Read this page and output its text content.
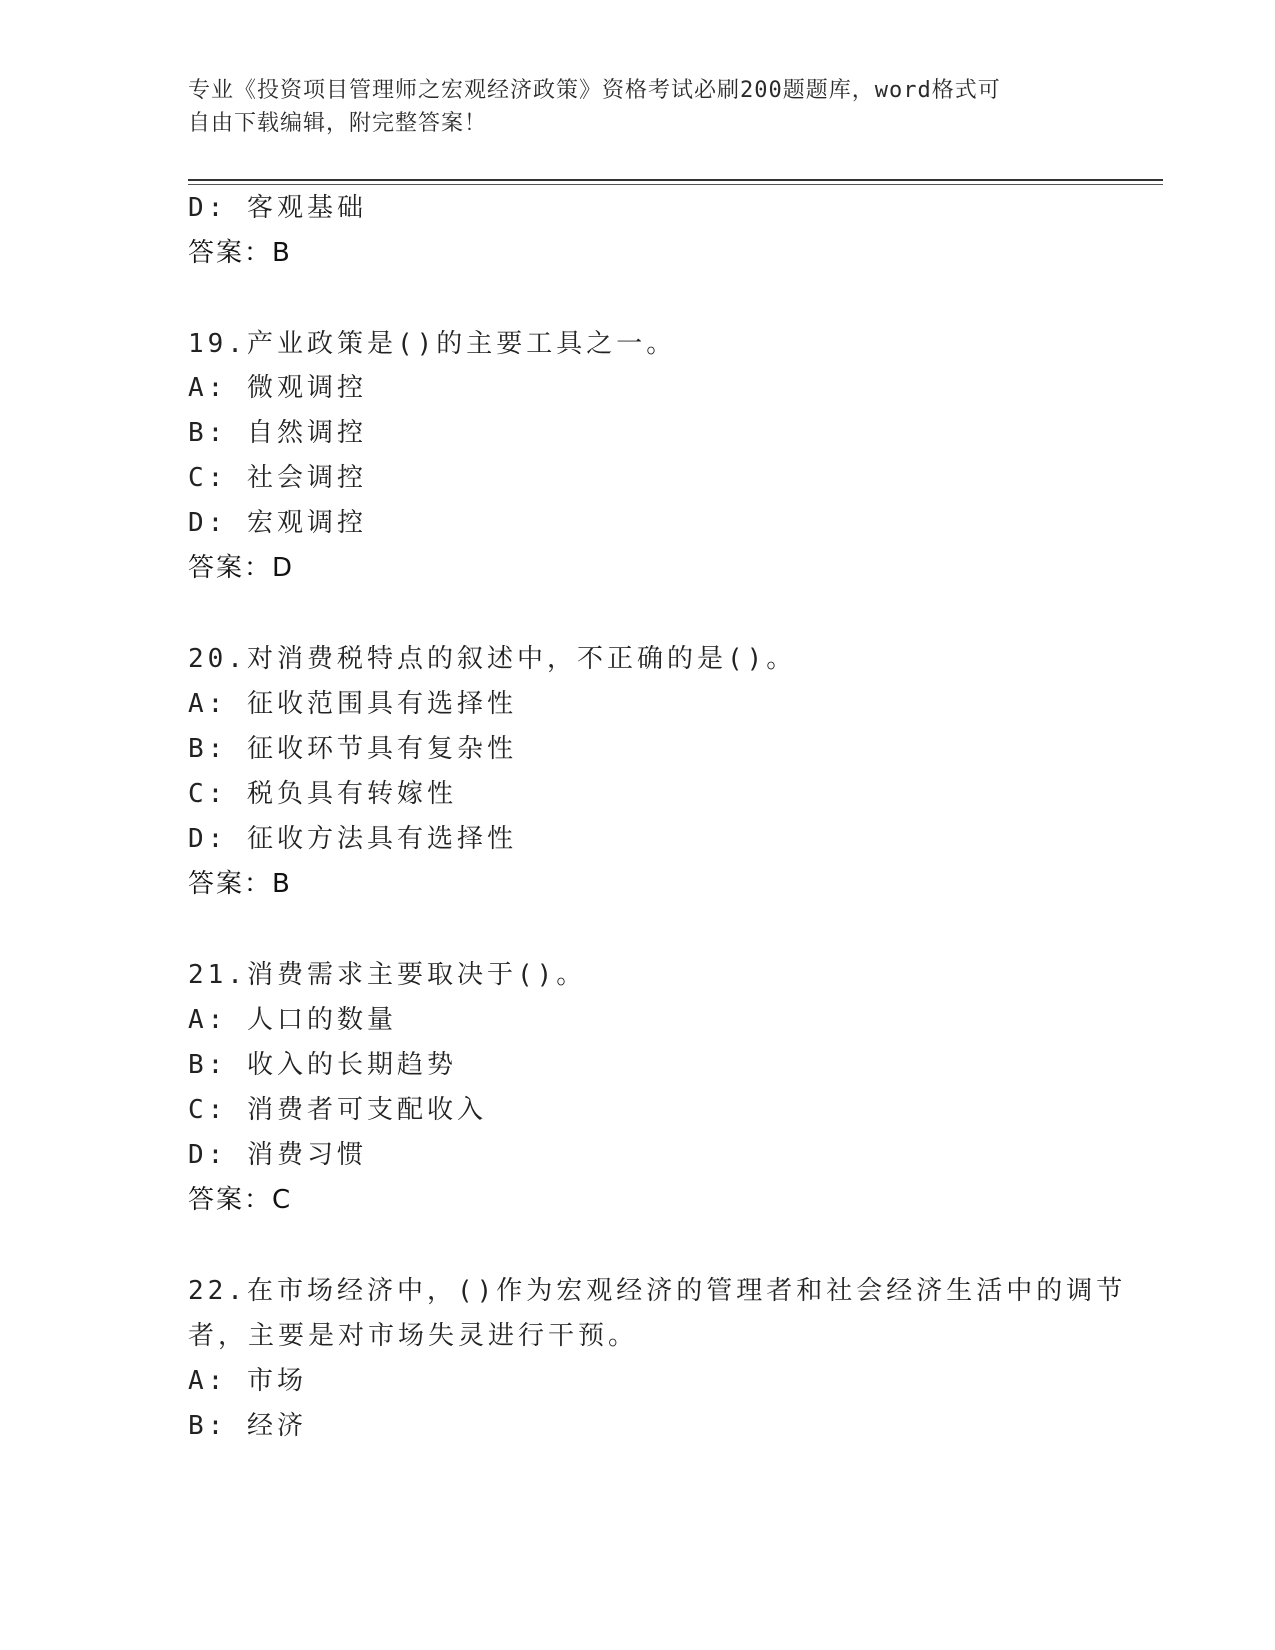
专业《投资项目管理师之宏观经济政策》资格考试必刷200题题库，word格式可
自由下载编辑，附完整答案！
D: 客观基础
答案：B
19.产业政策是()的主要工具之一。
A: 微观调控
B: 自然调控
C: 社会调控
D: 宏观调控
答案：D
20.对消费税特点的叙述中，不正确的是()。
A: 征收范围具有选择性
B: 征收环节具有复杂性
C: 税负具有转嫁性
D: 征收方法具有选择性
答案：B
21.消费需求主要取决于()。
A: 人口的数量
B: 收入的长期趋势
C: 消费者可支配收入
D: 消费习惯
答案：C
22.在市场经济中，()作为宏观经济的管理者和社会经济生活中的调节
者，主要是对市场失灵进行干预。
A: 市场
B: 经济
